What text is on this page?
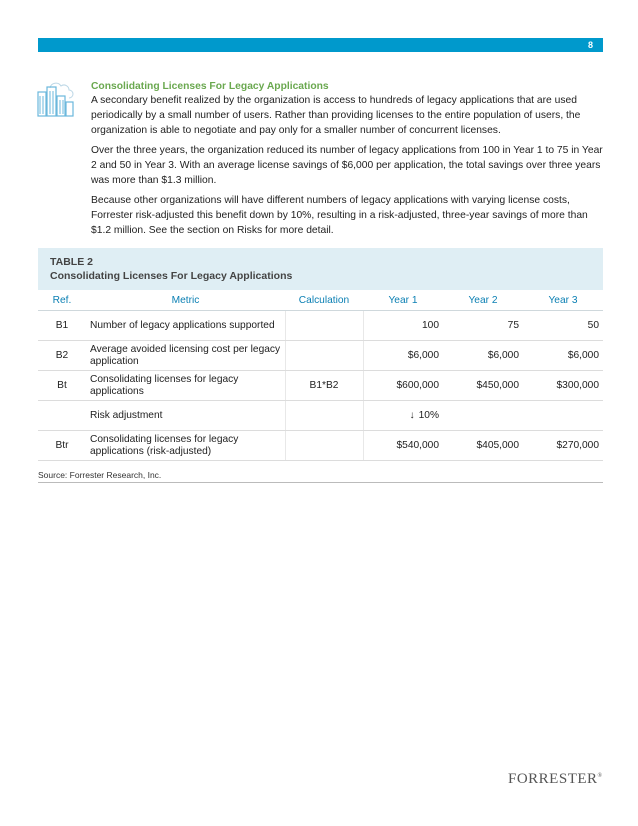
8
Consolidating Licenses For Legacy Applications

A secondary benefit realized by the organization is access to hundreds of legacy applications that are used periodically by a small number of users. Rather than providing licenses to the entire population of users, the organization is able to negotiate and pay only for a smaller number of concurrent licenses.

Over the three years, the organization reduced its number of legacy applications from 100 in Year 1 to 75 in Year 2 and 50 in Year 3. With an average license savings of $6,000 per application, the total savings over three years was more than $1.3 million.

Because other organizations will have different numbers of legacy applications with varying license costs, Forrester risk-adjusted this benefit down by 10%, resulting in a risk-adjusted, three-year savings of more than $1.2 million. See the section on Risks for more detail.

TABLE 2
Consolidating Licenses For Legacy Applications
Ref.	Metric	Calculation	Year 1	Year 2	Year 3
B1	Number of legacy applications supported		100	75	50
B2	Average avoided licensing cost per legacy application		$6,000	$6,000	$6,000
Bt	Consolidating licenses for legacy applications	B1*B2	$600,000	$450,000	$300,000
	Risk adjustment		↓ 10%		
Btr	Consolidating licenses for legacy applications (risk-adjusted)		$540,000	$405,000	$270,000
Source: Forrester Research, Inc.
FORRESTER®
